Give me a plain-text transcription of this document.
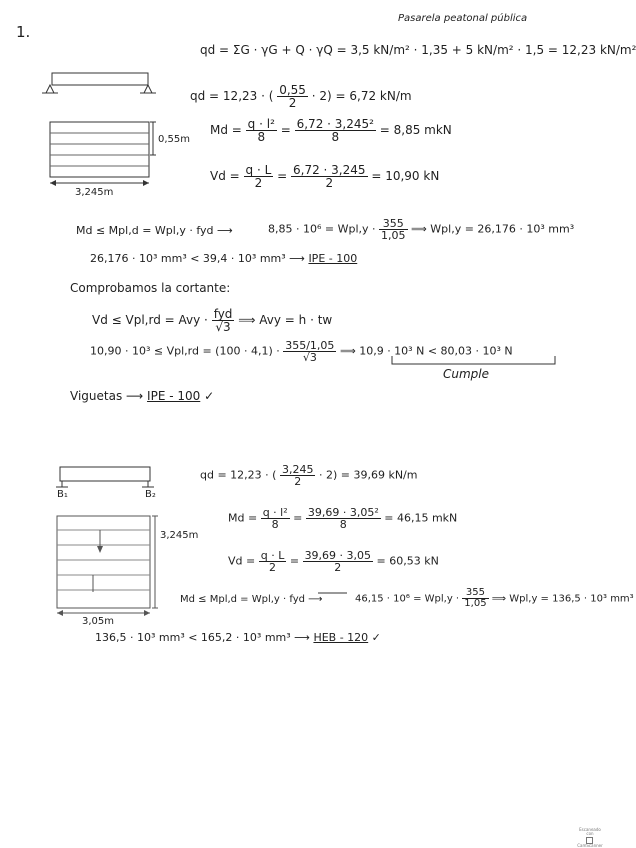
1.
Pasarela peatonal pública
qd = ΣG · γG + Q · γQ = 3,5 kN/m² · 1,35 + 5 kN/m² · 1,5 = 12,23 kN/m²
qd = 12,23 · ( $\frac{0,55}{2} \cdot 2) = 6,72$ kN/m
0,55m
3,245m
$Md = \frac{\text{q · l²}}{8} = \frac{\text{6,72 · 3,245²}}{8} = 8,85$ mkN
$Vd = \frac{q \cdot L}{2} = \frac{6,72 \cdot 3,245}{2} = 10,90$ kN
Md ≤ Mpl,d = Wpl,y · fyd ⟶	$8,85 \cdot 10^6 = Wpl,y \cdot \frac{355}{1,05}$ ⟹ Wpl,y = 26,176 · 10³ mm³
26,176 · 10³ mm³ < 39,4 · 10³ mm³ ⟶ IPE - 100
Comprobamos la cortante:
Vd ≤ Vpl,rd = Avy · $\frac{\text{fyd}}{√3}$ ⟹ Avy = h · tw
$10,90 \cdot 10^3 \le Vpl,rd = (100 \cdot 4,1) \cdot \frac{355/1,05}{√3}$ ⟹ 10,9 · 10³ N < 80,03 · 10³ N
Cumple
Viguetas ⟶ IPE - 100 ✓
B₁	B₂
qd = 12,23 · ( $\frac{3,245}{2} \cdot 2) = 39,69$ kN/m
3,245m
3,05m
$Md = \frac{\text{q · l²}}{8} = \frac{\text{39,69 · 3,05²}}{8} = 46,15$ mkN
$Vd = \frac{q \cdot L}{2} = \frac{39,69 \cdot 3,05}{2} = 60,53$ kN
Md ≤ Mpl,d = Wpl,y · fyd ⟶	$46,15 \cdot 10^6 = Wpl,y \cdot \frac{355}{1,05}$ ⟹ Wpl,y = 136,5 · 10³ mm³
136,5 · 10³ mm³ < 165,2 · 10³ mm³ ⟶ HEB - 120 ✓
Escaneado con
CamScanner
